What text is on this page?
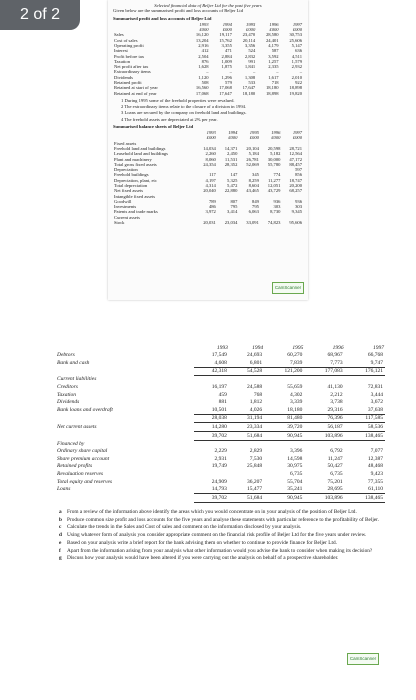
2 of 2
Selected financial data of Beljer Ltd for the past five years
Given below are the summarised profit and loss accounts of Beljer Ltd
Summarised profit and loss accounts of Beljer Ltd
	1993	1994	1995	1996	1997
	£000	£000	£000	£000	£000
Sales	16,120	19,117	23,470	28,580	30,753
Cost of sales	13,204	15,762	20,114	24,401	25,606
Operating profit	2,916	3,355	3,356	4,179	5,147
Interest	412	471	524	587	636
Profit before tax	2,504	2,884	2,832	3,592	4,511
Taxation	876	1,009	991	1,257	1,579
Net profit after tax	1,628	1,875	1,841	2,335	2,932
Extraordinary items	–	–	–	–	–
Dividends	1,120	1,296	1,308	1,617	2,010
Retained profit	508	579	533	718	922
Retained at start of year	16,560	17,068	17,647	18,180	18,898
Retained at end of year	17,068	17,647	18,180	18,898	19,820
1 During 1995 some of the freehold properties were revalued.
2 The extraordinary items relate to the closure of a division in 1994.
3 Loans are secured by the company on freehold land and buildings.
4 The freehold assets are depreciated at 2% per year.
Summarised balance sheets of Beljer Ltd
	1993	1994	1995	1996	1997
	£000	£000	£000	£000	£000
Fixed assets					
Freehold land and buildings	14,034	14,371	20,104	20,598	28,721
Leasehold land and buildings	2,260	2,450	5,184	5,182	12,564
Plant and machinery	8,060	11,531	26,781	30,000	47,172
Total gross fixed assets	24,354	28,352	52,069	55,780	88,457
Depreciation					597
Freehold buildings	117	147	345	774	856
Depreciation, plant, etc	4,197	5,325	8,259	11,277	18,747
Total depreciation	4,314	5,472	8,604	12,051	20,200
Net fixed assets	20,040	22,880	43,465	43,729	68,257
Intangible fixed assets					
Goodwill	789	807	849	936	936
Investments	486	795	795	303	303
Patents and trade marks	3,972	3,414	6,063	8,730	9,345
Current assets					
Stock	20,031	23,034	33,091	74,823	95,606
CamScanner
	1993	1994	1995	1996	1997
Debtors	17,549	24,693	60,270	68,967	66,768
Bank and cash	4,608	6,801	7,839	7,773	9,747
	42,318	54,528	121,200	177,083	176,121
Current liabilities					
Creditors	16,197	24,588	55,659	41,130	72,831
Taxation	459	768	4,302	2,212	3,444
Dividends	881	1,812	3,339	3,738	3,672
Bank loans and overdraft	10,501	4,026	18,180	29,316	37,638
	28,038	31,194	81,480	76,396	117,585
Net current assets	14,280	23,334	39,720	56,187	58,536
	39,702	51,684	90,945	103,896	138,465
Financed by					
Ordinary share capital	2,229	2,829	3,396	6,792	7,077
Share premium account	2,931	7,530	14,598	11,247	12,387
Retained profits	19,749	25,848	30,975	50,427	48,468
Revaluation reserves			6,735	6,735	9,423
Total equity and reserves	24,909	36,207	55,704	75,201	77,355
Loans	14,793	15,477	35,241	28,695	61,110
	39,702	51,684	90,945	103,896	138,465
a From a review of the information above identify the areas which you would concentrate on in your analysis of the position of Beljer Ltd.
b Produce common size profit and loss accounts for the five years and analyse these statements with particular reference to the profitability of Beljer.
c Calculate the trends in the Sales and Cost of sales and comment on the information disclosed by your analysis.
d Using whatever form of analysis you consider appropriate comment on the financial risk profile of Beljer Ltd for the five years under review.
e Based on your analysis write a brief report for the bank advising them on whether to continue to provide finance for Beljer Ltd.
f Apart from the information arising from your analysis what other information would you advise the bank to consider when making its decision?
g Discuss how your analysis would have been altered if you were carrying out the analysis on behalf of a prospective shareholder.
CamScanner
